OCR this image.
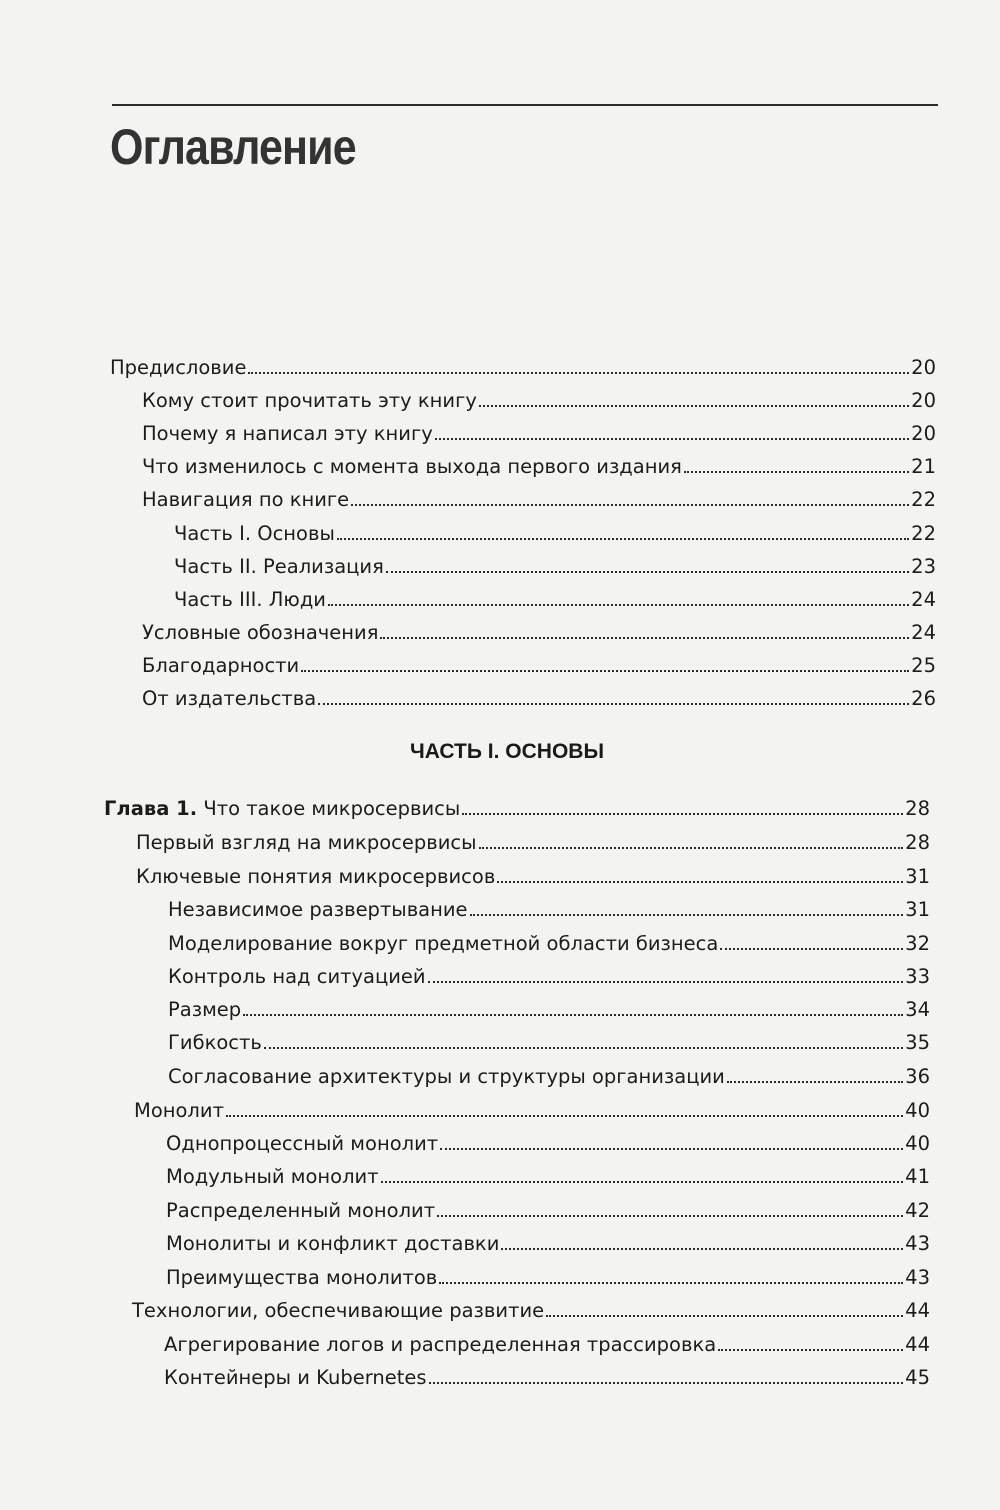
Оглавление
Предисловие	20
Кому стоит прочитать эту книгу	20
Почему я написал эту книгу	20
Что изменилось с момента выхода первого издания	21
Навигация по книге	22
Часть I. Основы	22
Часть II. Реализация	23
Часть III. Люди	24
Условные обозначения	24
Благодарности	25
От издательства	26
ЧАСТЬ I. ОСНОВЫ
Глава 1. Что такое микросервисы	28
Первый взгляд на микросервисы	28
Ключевые понятия микросервисов	31
Независимое развертывание	31
Моделирование вокруг предметной области бизнеса	32
Контроль над ситуацией	33
Размер	34
Гибкость	35
Согласование архитектуры и структуры организации	36
Монолит	40
Однопроцессный монолит	40
Модульный монолит	41
Распределенный монолит	42
Монолиты и конфликт доставки	43
Преимущества монолитов	43
Технологии, обеспечивающие развитие	44
Агрегирование логов и распределенная трассировка	44
Контейнеры и Kubernetes	45
